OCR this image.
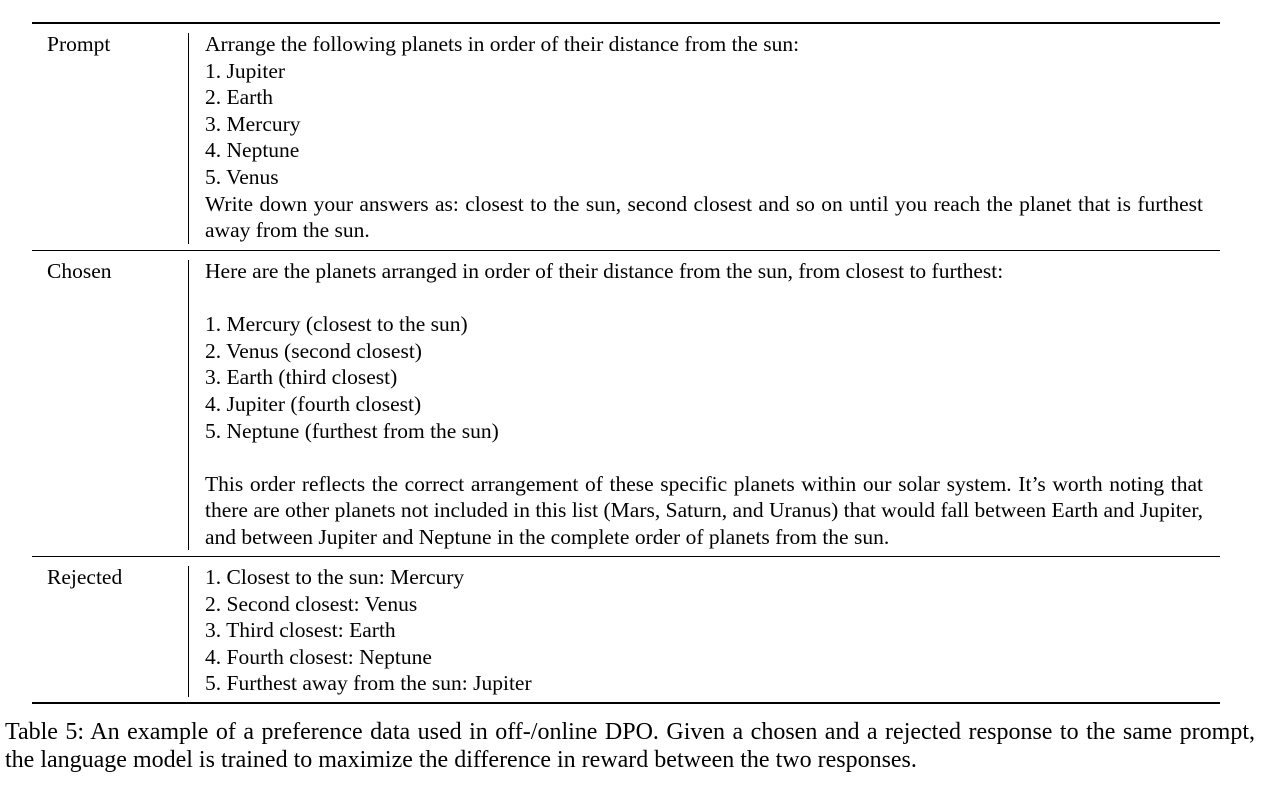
Prompt	Arrange the following planets in order of their distance from the sun:
1. Jupiter
2. Earth
3. Mercury
4. Neptune
5. Venus
Write down your answers as: closest to the sun, second closest and so on until you reach the planet that is furthest away from the sun.
Chosen	Here are the planets arranged in order of their distance from the sun, from closest to furthest:
1. Mercury (closest to the sun)
2. Venus (second closest)
3. Earth (third closest)
4. Jupiter (fourth closest)
5. Neptune (furthest from the sun)
This order reflects the correct arrangement of these specific planets within our solar system. It’s worth noting that there are other planets not included in this list (Mars, Saturn, and Uranus) that would fall between Earth and Jupiter, and between Jupiter and Neptune in the complete order of planets from the sun.
Rejected	1. Closest to the sun: Mercury
2. Second closest: Venus
3. Third closest: Earth
4. Fourth closest: Neptune
5. Furthest away from the sun: Jupiter

Table 5: An example of a preference data used in off-/online DPO. Given a chosen and a rejected response to the same prompt, the language model is trained to maximize the difference in reward between the two responses.
